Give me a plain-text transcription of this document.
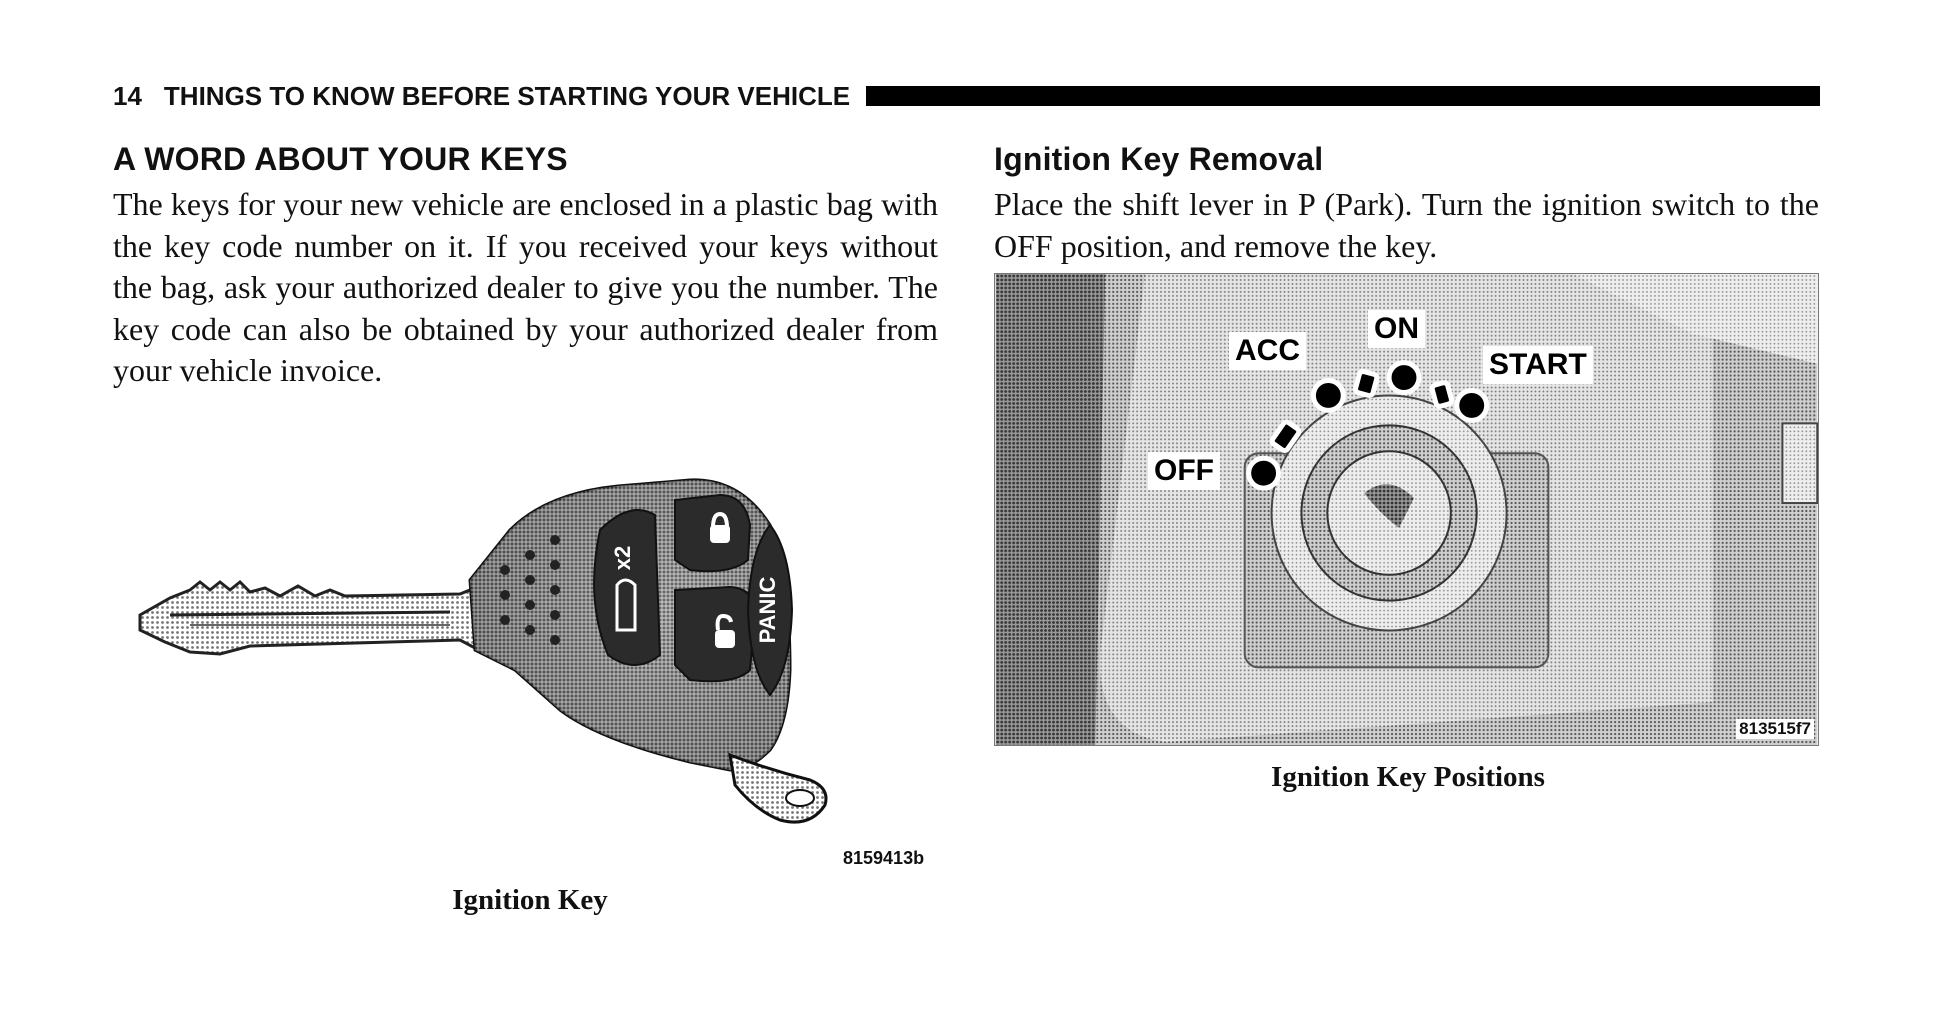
14 THINGS TO KNOW BEFORE STARTING YOUR VEHICLE
A WORD ABOUT YOUR KEYS

The keys for your new vehicle are enclosed in a plastic bag with the key code number on it. If you received your keys without the bag, ask your authorized dealer to give you the number. The key code can also be obtained by your authorized dealer from your vehicle invoice.

Ignition Key Removal

Place the shift lever in P (Park). Turn the ignition switch to the OFF position, and remove the key.

x2
PANIC
8159413b
Ignition Key
OFF
ACC
ON
START
813515f7
Ignition Key Positions
